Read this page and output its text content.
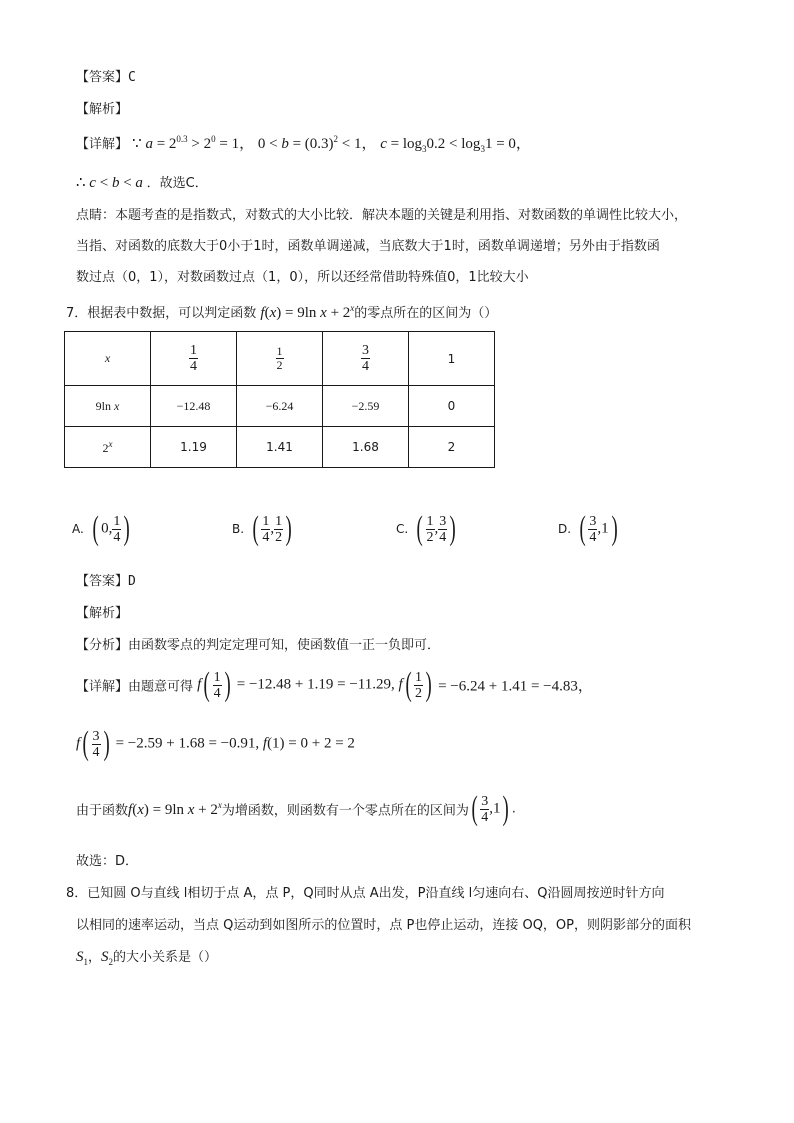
【答案】C
【解析】
【详解】 ∵ $a = 2^{0.3} > 2^0 = 1$， $0 < b = (0.3)^2 < 1$， $c = \log_30.2 < \log_31 = 0$，
∴ c < b < a ．故选C．
点睛：本题考查的是指数式，对数式的大小比较．解决本题的关键是利用指、对数函数的单调性比较大小，
当指、对函数的底数大于0小于1时，函数单调递减，当底数大于1时，函数单调递增；另外由于指数函
数过点（0，1），对数函数过点（1，0），所以还经常借助特殊值0，1比较大小
7．根据表中数据，可以判定函数 f(x) = 9ln $x + 2^x$的零点所在的区间为（）
x	$\frac{1}{4}$	$\frac{1}{2}$	$\frac{3}{4}$	1
9ln x	−12.48	−6.24	−2.59	0
2$^x$	1.19	1.41	1.68	2
A. ( 0, $\frac{1}{4}$ )	B. ( $\frac{1}{4}$ , $\frac{1}{2}$ )	C. ( $\frac{1}{2}$ , $\frac{3}{4}$ )	D. ( $\frac{3}{4} ,1$)
【答案】D
【解析】
【分析】由函数零点的判定定理可知，使函数值一正一负即可．
【详解】由题意可得 $f( \frac{1}{4}$ ) = −12.48 + 1.19 = −11.29, $f( \frac{1}{2}$ ) = −6.24 + 1.41 = −4.83，
$f( \frac{3}{4}$ ) = −2.59 + 1.68 = −0.91, f(1) = 0 + 2 = 2
由于函数f(x) = 9ln $x + 2^x$为增函数，则函数有一个零点所在的区间为( $\frac{3}{4} ,1$) .
故选：D．
8．已知圆 O与直线 l相切于点 A，点 P，Q同时从点 A出发，P沿直线 l匀速向右、Q沿圆周按逆时针方向
以相同的速率运动，当点 Q运动到如图所示的位置时，点 P也停止运动，连接 OQ，OP，则阴影部分的面积
$S_1$，$S_2$的大小关系是（）
